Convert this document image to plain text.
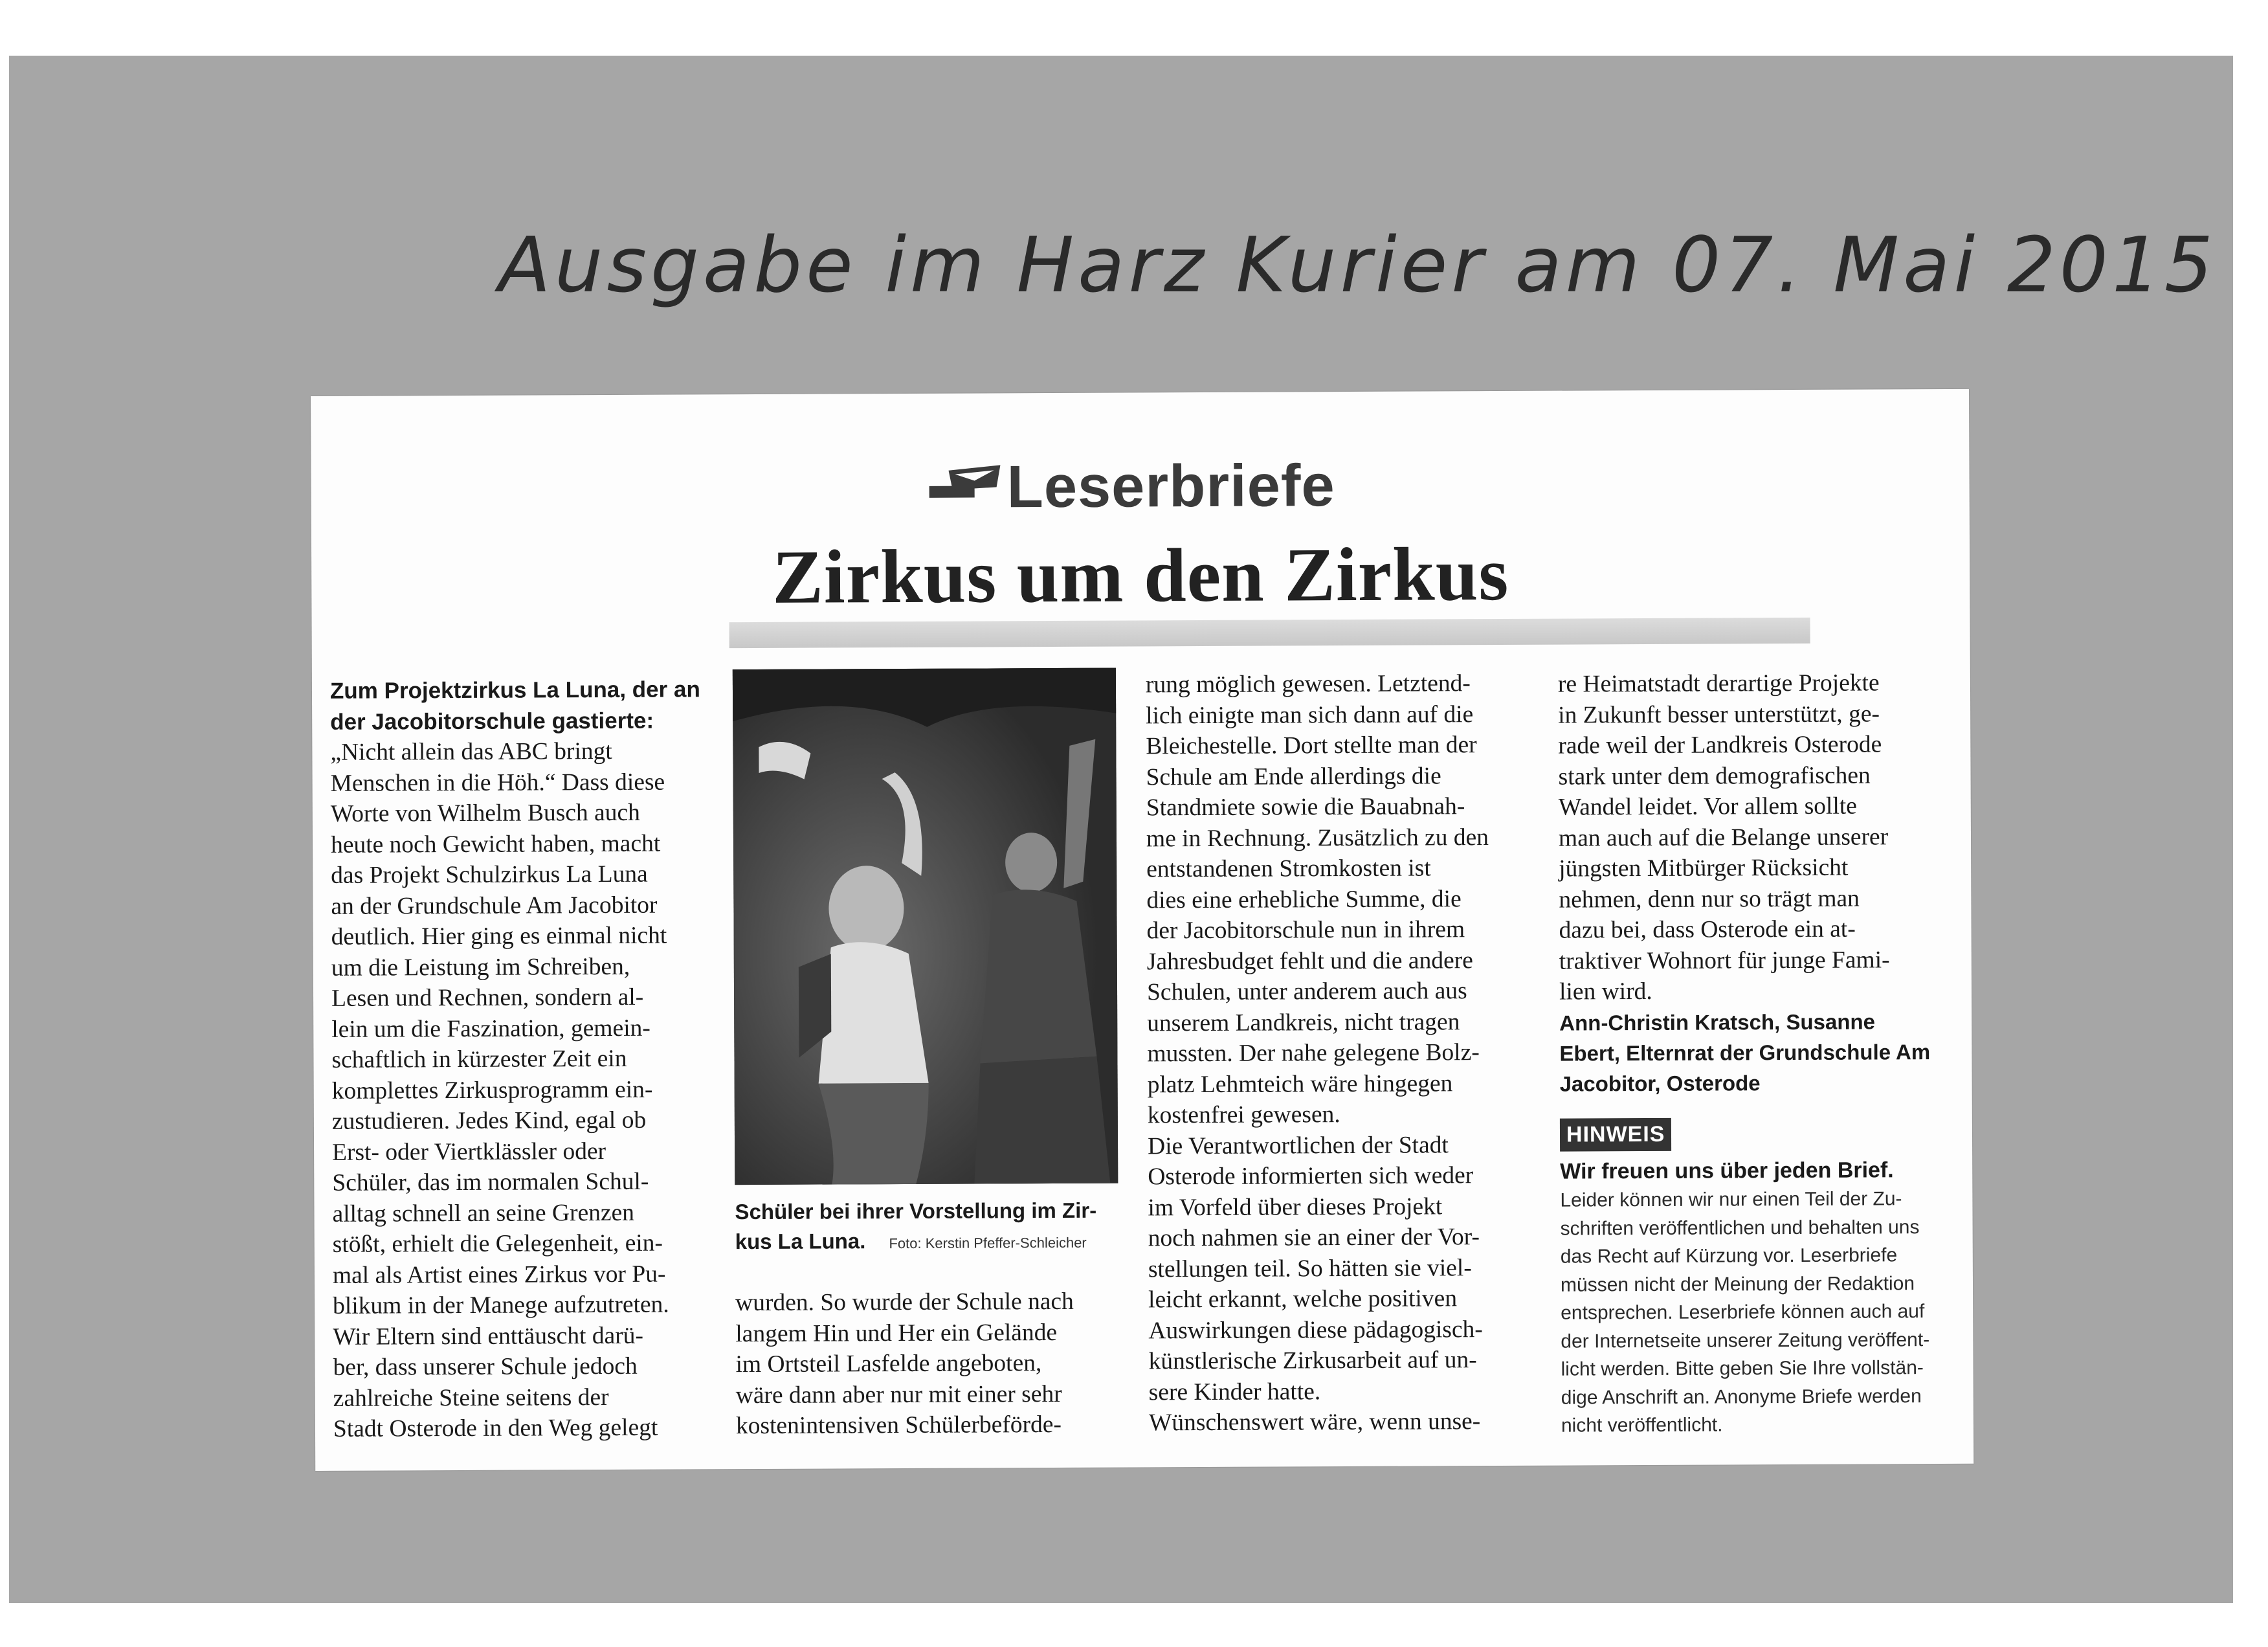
Ausgabe im Harz Kurier am 07. Mai 2015
Leserbriefe
Zirkus um den Zirkus

Zum Projektzirkus La Luna, der an

der Jacobitorschule gastierte:

„Nicht allein das ABC bringt

Menschen in die Höh.“ Dass diese

Worte von Wilhelm Busch auch

heute noch Gewicht haben, macht

das Projekt Schulzirkus La Luna

an der Grundschule Am Jacobitor

deutlich. Hier ging es einmal nicht

um die Leistung im Schreiben,

Lesen und Rechnen, sondern al-

lein um die Faszination, gemein-

schaftlich in kürzester Zeit ein

komplettes Zirkusprogramm ein-

zustudieren. Jedes Kind, egal ob

Erst- oder Viertklässler oder

Schüler, das im normalen Schul-

alltag schnell an seine Grenzen

stößt, erhielt die Gelegenheit, ein-

mal als Artist eines Zirkus vor Pu-

blikum in der Manege aufzutreten.

Wir Eltern sind enttäuscht darü-

ber, dass unserer Schule jedoch

zahlreiche Steine seitens der

Stadt Osterode in den Weg gelegt

Schüler bei ihrer Vorstellung im Zir-
kus La Luna. Foto: Kerstin Pfeffer-Schleicher

wurden. So wurde der Schule nach

langem Hin und Her ein Gelände

im Ortsteil Lasfelde angeboten,

wäre dann aber nur mit einer sehr

kostenintensiven Schülerbeförde-

rung möglich gewesen. Letztend-

lich einigte man sich dann auf die

Bleichestelle. Dort stellte man der

Schule am Ende allerdings die

Standmiete sowie die Bauabnah-

me in Rechnung. Zusätzlich zu den

entstandenen Stromkosten ist

dies eine erhebliche Summe, die

der Jacobitorschule nun in ihrem

Jahresbudget fehlt und die andere

Schulen, unter anderem auch aus

unserem Landkreis, nicht tragen

mussten. Der nahe gelegene Bolz-

platz Lehmteich wäre hingegen

kostenfrei gewesen.

Die Verantwortlichen der Stadt

Osterode informierten sich weder

im Vorfeld über dieses Projekt

noch nahmen sie an einer der Vor-

stellungen teil. So hätten sie viel-

leicht erkannt, welche positiven

Auswirkungen diese pädagogisch-

künstlerische Zirkusarbeit auf un-

sere Kinder hatte.

Wünschenswert wäre, wenn unse-

re Heimatstadt derartige Projekte

in Zukunft besser unterstützt, ge-

rade weil der Landkreis Osterode

stark unter dem demografischen

Wandel leidet. Vor allem sollte

man auch auf die Belange unserer

jüngsten Mitbürger Rücksicht

nehmen, denn nur so trägt man

dazu bei, dass Osterode ein at-

traktiver Wohnort für junge Fami-

lien wird.

Ann-Christin Kratsch, Susanne

Ebert, Elternrat der Grundschule Am

Jacobitor, Osterode

HINWEIS
Wir freuen uns über jeden Brief.

Leider können wir nur einen Teil der Zu-

schriften veröffentlichen und behalten uns

das Recht auf Kürzung vor. Leserbriefe

müssen nicht der Meinung der Redaktion

entsprechen. Leserbriefe können auch auf

der Internetseite unserer Zeitung veröffent-

licht werden. Bitte geben Sie Ihre vollstän-

dige Anschrift an. Anonyme Briefe werden

nicht veröffentlicht.
